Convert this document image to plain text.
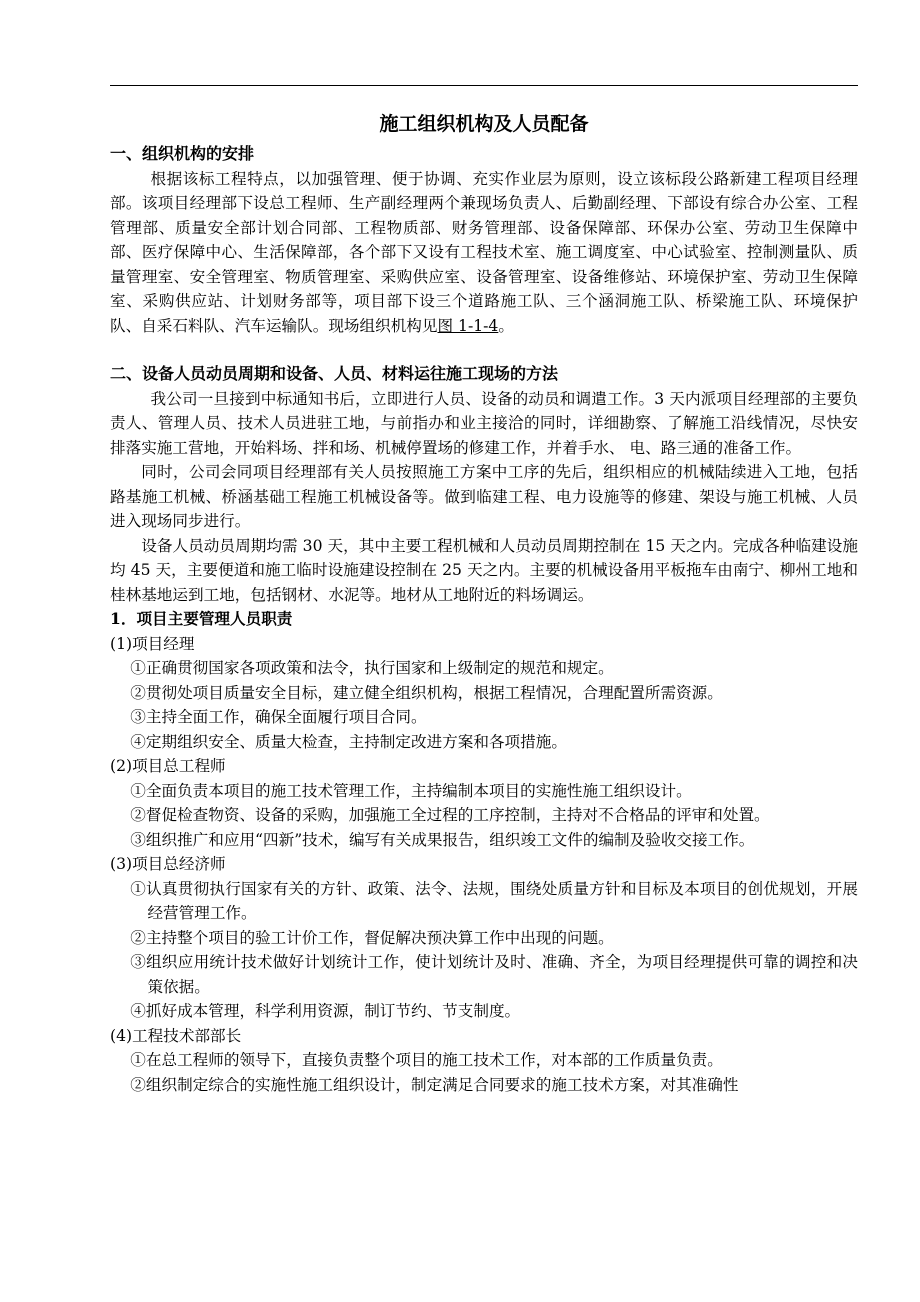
施工组织机构及人员配备

一、组织机构的安排

根据该标工程特点，以加强管理、便于协调、充实作业层为原则，设立该标段公路新建工程项目经理部。该项目经理部下设总工程师、生产副经理两个兼现场负责人、后勤副经理、下部设有综合办公室、工程管理部、质量安全部计划合同部、工程物质部、财务管理部、设备保障部、环保办公室、劳动卫生保障中部、医疗保障中心、生活保障部，各个部下又设有工程技术室、施工调度室、中心试验室、控制测量队、质量管理室、安全管理室、物质管理室、采购供应室、设备管理室、设备维修站、环境保护室、劳动卫生保障室、采购供应站、计划财务部等，项目部下设三个道路施工队、三个涵洞施工队、桥梁施工队、环境保护队、自采石料队、汽车运输队。现场组织机构见图 1-1-4。

二、设备人员动员周期和设备、人员、材料运往施工现场的方法

我公司一旦接到中标通知书后，立即进行人员、设备的动员和调遣工作。3 天内派项目经理部的主要负责人、管理人员、技术人员进驻工地，与前指办和业主接洽的同时，详细勘察、了解施工沿线情况，尽快安排落实施工营地，开始料场、拌和场、机械停置场的修建工作，并着手水、 电、路三通的准备工作。

同时，公司会同项目经理部有关人员按照施工方案中工序的先后，组织相应的机械陆续进入工地，包括路基施工机械、桥涵基础工程施工机械设备等。做到临建工程、电力设施等的修建、架设与施工机械、人员进入现场同步进行。

设备人员动员周期均需 30 天，其中主要工程机械和人员动员周期控制在 15 天之内。完成各种临建设施均 45 天，主要便道和施工临时设施建设控制在 25 天之内。主要的机械设备用平板拖车由南宁、柳州工地和桂林基地运到工地，包括钢材、水泥等。地材从工地附近的料场调运。

1．项目主要管理人员职责

(1)项目经理

①正确贯彻国家各项政策和法令，执行国家和上级制定的规范和规定。

②贯彻处项目质量安全目标，建立健全组织机构，根据工程情况，合理配置所需资源。

③主持全面工作，确保全面履行项目合同。

④定期组织安全、质量大检查，主持制定改进方案和各项措施。

(2)项目总工程师

①全面负责本项目的施工技术管理工作，主持编制本项目的实施性施工组织设计。

②督促检查物资、设备的采购，加强施工全过程的工序控制，主持对不合格品的评审和处置。

③组织推广和应用“四新”技术，编写有关成果报告，组织竣工文件的编制及验收交接工作。

(3)项目总经济师

①认真贯彻执行国家有关的方针、政策、法令、法规，围绕处质量方针和目标及本项目的创优规划，开展经营管理工作。

②主持整个项目的验工计价工作，督促解决预决算工作中出现的问题。

③组织应用统计技术做好计划统计工作，使计划统计及时、准确、齐全，为项目经理提供可靠的调控和决策依据。

④抓好成本管理，科学利用资源，制订节约、节支制度。

(4)工程技术部部长

①在总工程师的领导下，直接负责整个项目的施工技术工作，对本部的工作质量负责。

②组织制定综合的实施性施工组织设计，制定满足合同要求的施工技术方案，对其准确性
